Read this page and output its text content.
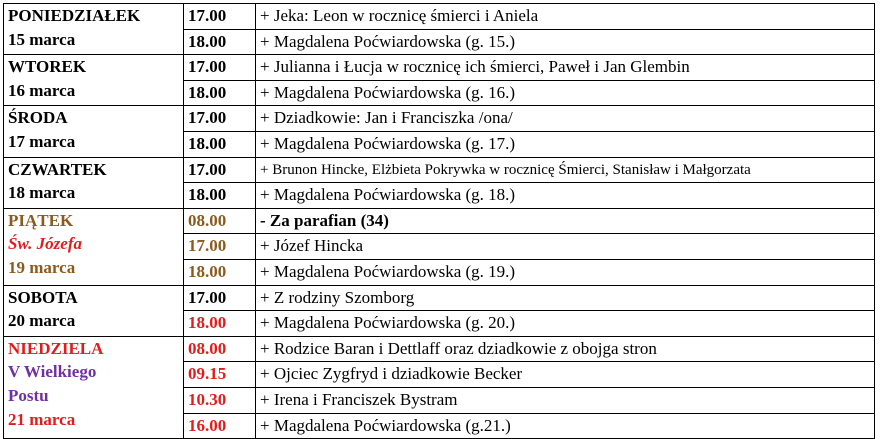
PONIEDZIAŁEK
15 marca	17.00	+ Jeka: Leon w rocznicę śmierci i Aniela
	18.00	+ Magdalena Poćwiardowska (g. 15.)

WTOREK
16 marca	17.00	+ Julianna i Łucja w rocznicę ich śmierci, Paweł i Jan Glembin
	18.00	+ Magdalena Poćwiardowska (g. 16.)

ŚRODA
17 marca	17.00	+ Dziadkowie: Jan i Franciszka /ona/
	18.00	+ Magdalena Poćwiardowska (g. 17.)

CZWARTEK
18 marca	17.00	+ Brunon Hincke, Elżbieta Pokrywka w rocznicę Śmierci, Stanisław i Małgorzata
	18.00	+ Magdalena Poćwiardowska (g. 18.)

PIĄTEK
Św. Józefa
19 marca	08.00	- Za parafian (34)
	17.00	+ Józef Hincka
	18.00	+ Magdalena Poćwiardowska (g. 19.)

SOBOTA
20 marca	17.00	+ Z rodziny Szomborg
	18.00	+ Magdalena Poćwiardowska (g. 20.)

NIEDZIELA
V Wielkiego
Postu
21 marca	08.00	+ Rodzice Baran i Dettlaff oraz dziadkowie z obojga stron
	09.15	+ Ojciec Zygfryd i dziadkowie Becker
	10.30	+ Irena i Franciszek Bystram
	16.00	+ Magdalena Poćwiardowska (g.21.)
